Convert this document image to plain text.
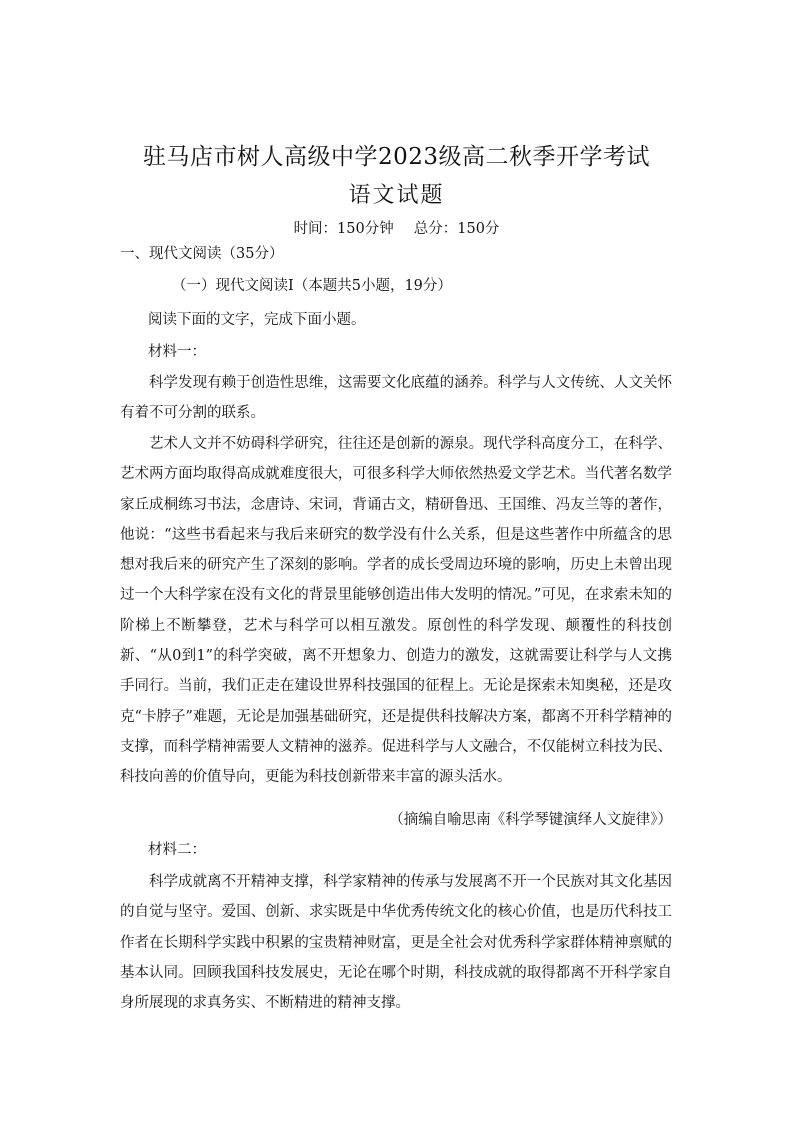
驻马店市树人高级中学2023级高二秋季开学考试
语文试题
时间：150分钟 总分：150分
一、现代文阅读（35分）
（一）现代文阅读I（本题共5小题，19分）
阅读下面的文字，完成下面小题。
材料一：

科学发现有赖于创造性思维，这需要文化底蕴的涵养。科学与人文传统、人文关怀有着不可分割的联系。

艺术人文并不妨碍科学研究，往往还是创新的源泉。现代学科高度分工，在科学、艺术两方面均取得高成就难度很大，可很多科学大师依然热爱文学艺术。当代著名数学家丘成桐练习书法，念唐诗、宋词，背诵古文，精研鲁迅、王国维、冯友兰等的著作，他说：“这些书看起来与我后来研究的数学没有什么关系，但是这些著作中所蕴含的思想对我后来的研究产生了深刻的影响。学者的成长受周边环境的影响，历史上未曾出现过一个大科学家在没有文化的背景里能够创造出伟大发明的情况。”可见，在求索未知的阶梯上不断攀登，艺术与科学可以相互激发。原创性的科学发现、颠覆性的科技创新、“从0到1”的科学突破，离不开想象力、创造力的激发，这就需要让科学与人文携手同行。当前，我们正走在建设世界科技强国的征程上。无论是探索未知奥秘，还是攻克“卡脖子”难题，无论是加强基础研究，还是提供科技解决方案，都离不开科学精神的支撑，而科学精神需要人文精神的滋养。促进科学与人文融合，不仅能树立科技为民、科技向善的价值导向，更能为科技创新带来丰富的源头活水。

（摘编自喻思南《科学琴键演绎人文旋律》）
材料二：

科学成就离不开精神支撑，科学家精神的传承与发展离不开一个民族对其文化基因的自觉与坚守。爱国、创新、求实既是中华优秀传统文化的核心价值，也是历代科技工作者在长期科学实践中积累的宝贵精神财富，更是全社会对优秀科学家群体精神禀赋的基本认同。回顾我国科技发展史，无论在哪个时期，科技成就的取得都离不开科学家自身所展现的求真务实、不断精进的精神支撑。
